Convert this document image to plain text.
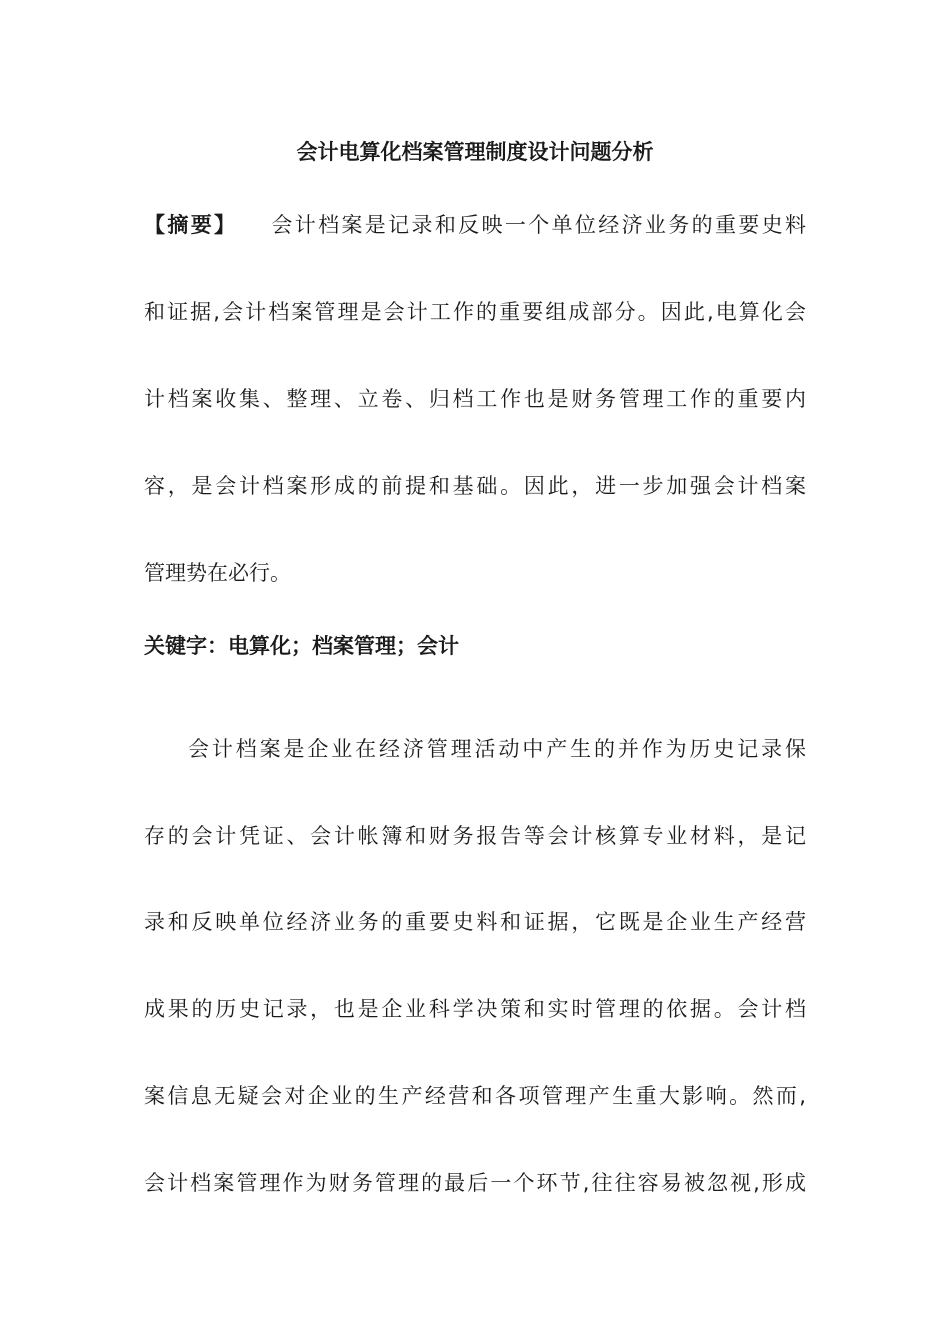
会计电算化档案管理制度设计问题分析
【摘要】 会计档案是记录和反映一个单位经济业务的重要史料
和证据,会计档案管理是会计工作的重要组成部分。因此,电算化会
计档案收集、整理、立卷、归档工作也是财务管理工作的重要内
容，是会计档案形成的前提和基础。因此，进一步加强会计档案
管理势在必行。
关键字：电算化；档案管理；会计
会计档案是企业在经济管理活动中产生的并作为历史记录保
存的会计凭证、会计帐簿和财务报告等会计核算专业材料，是记
录和反映单位经济业务的重要史料和证据，它既是企业生产经营
成果的历史记录，也是企业科学决策和实时管理的依据。会计档
案信息无疑会对企业的生产经营和各项管理产生重大影响。然而,
会计档案管理作为财务管理的最后一个环节,往往容易被忽视,形成
